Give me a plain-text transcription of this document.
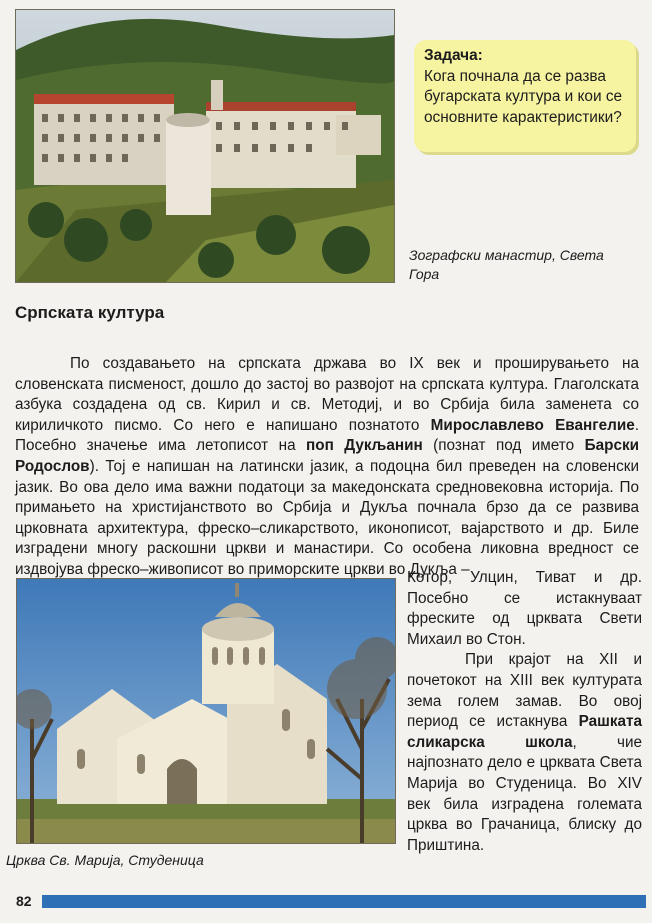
Задача:
Кога почнала да се разва бугарската култура и кои се основните карактеристики?
Зографски манастир, Света Гора
Српската култура
По создавањето на српската држава во IX век и проширувањето на словенската писменост, дошло до застој во развојот на српската култура. Глаголската азбука создадена од св. Кирил и св. Методиј, и во Србија била заменета со кириличкото писмо. Со него е напишано познатото Мирославлево Евангелие. Посебно значење има летописот на поп Дукљанин (познат под името Барски Родослов). Тој е напишан на латински јазик, а подоцна бил преведен на словенски јазик. Во ова дело има важни податоци за македонската средновековна историја. По примањето на христијанството во Србија и Дукља почнала брзо да се развива црковната архитектура, фреско–сликарството, иконописот, вајарството и др. Биле изградени многу раскошни цркви и манастири. Со особена ликовна вредност се издвојува фреско–живописот во приморските цркви во Дукља –
Котор, Улцин, Тиват и др. Посебно се истакнуваат фреските од црквата Свети Михаил во Стон.
При крајот на XII и почетокот на XIII век културата зема голем замав. Во овој период се истакнува Рашката сликарска школа, чие најпознато дело е црквата Света Марија во Студеница. Во XIV век била изградена големата црква во Грачаница, блиску до Приштина.
Црква Св. Марија, Студеница
82
